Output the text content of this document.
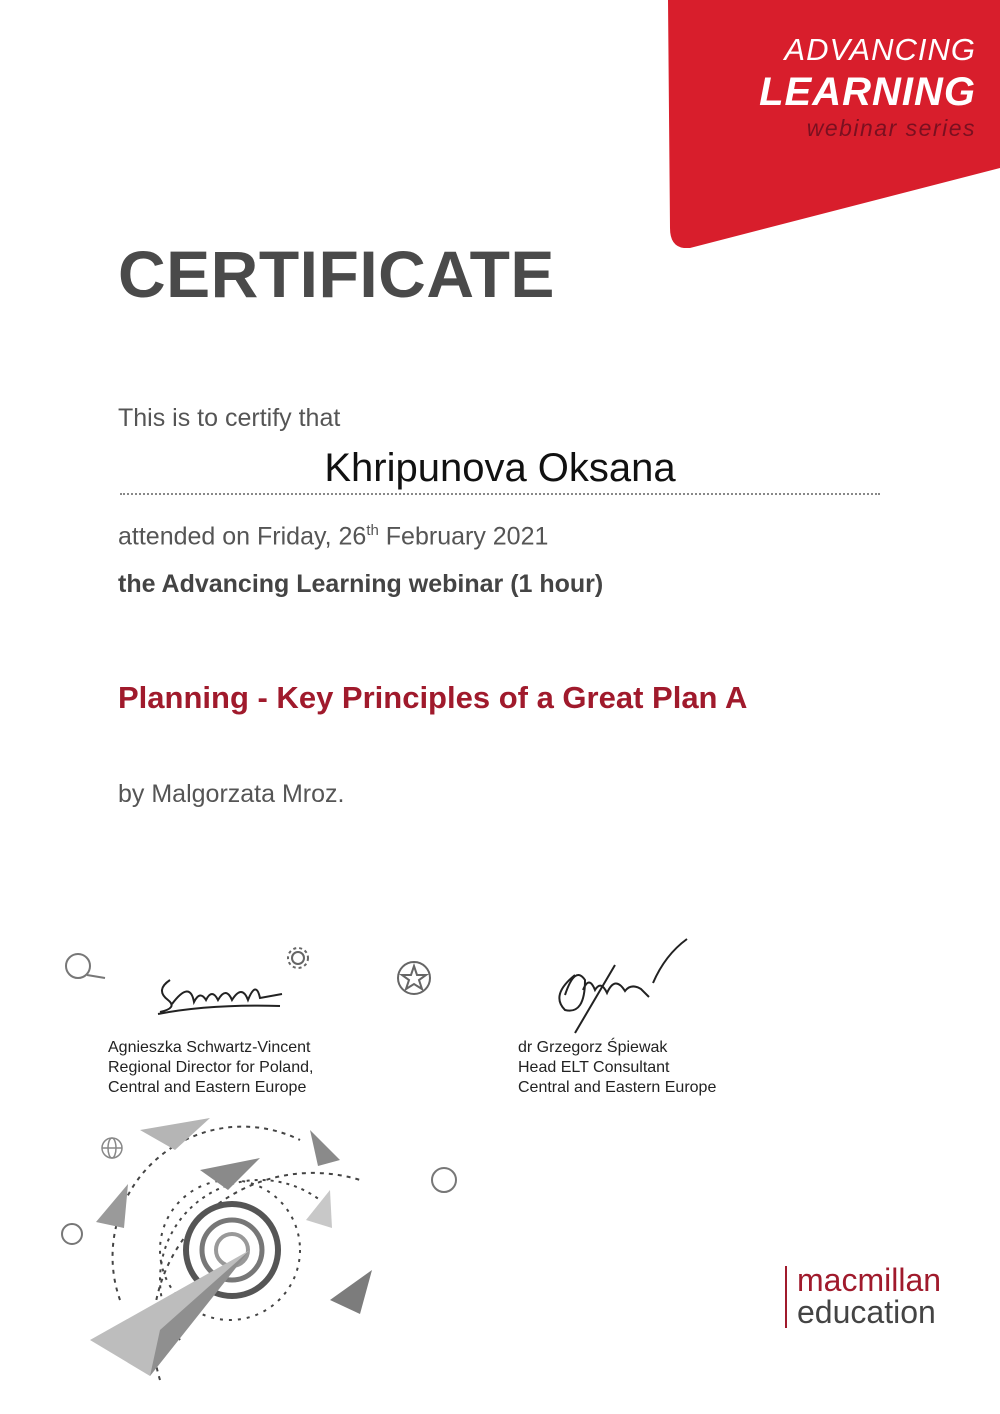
ADVANCING
LEARNING
webinar series
CERTIFICATE
This is to certify that
Khripunova Oksana
attended on Friday, 26th February 2021
the Advancing Learning webinar (1 hour)
Planning - Key Principles of a Great Plan A
by Malgorzata Mroz.
Agnieszka Schwartz-Vincent
Regional Director for Poland,
Central and Eastern Europe
dr Grzegorz Śpiewak
Head ELT Consultant
Central and Eastern Europe
macmillan
education
